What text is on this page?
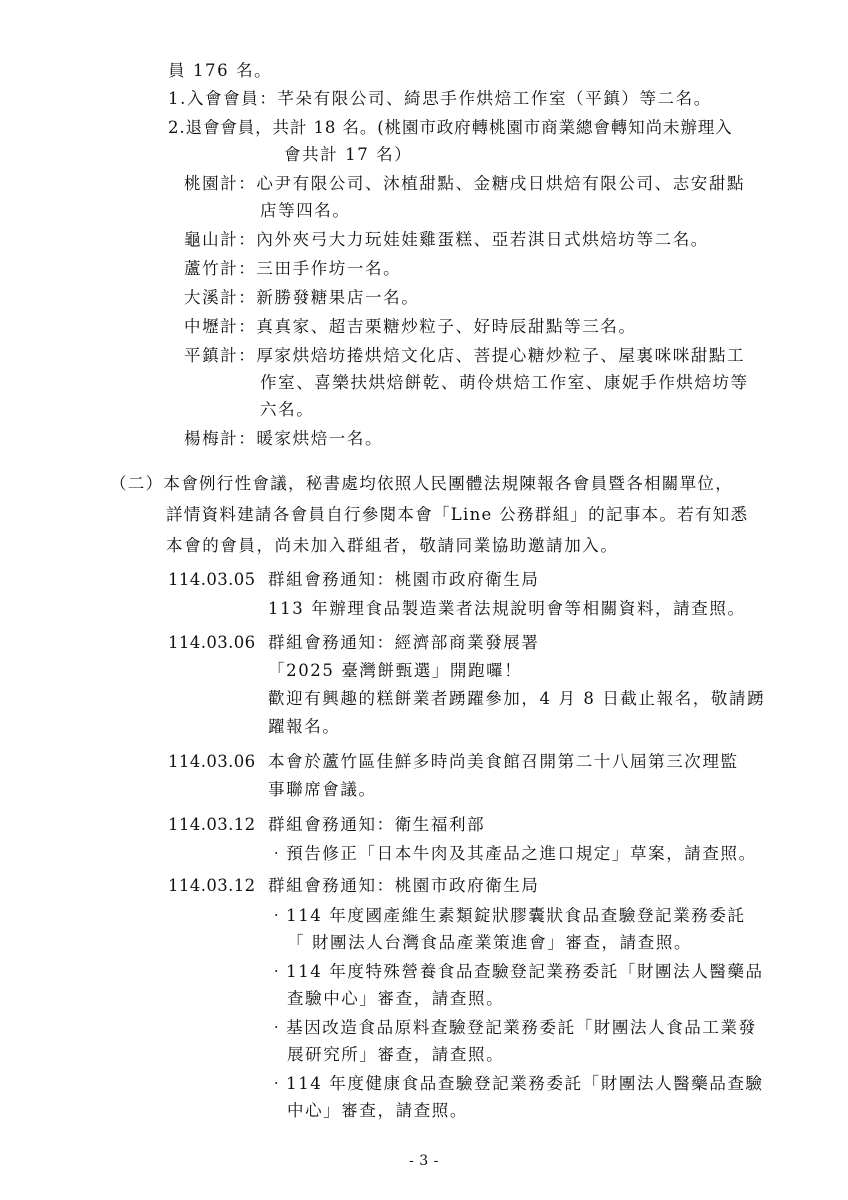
員 176 名。
1.入會會員：芊朵有限公司、綺思手作烘焙工作室（平鎮）等二名。
2.退會會員，共計 18 名。(桃園市政府轉桃園市商業總會轉知尚未辦理入
會共計 17 名）
桃園計：心尹有限公司、沐植甜點、金糖戌日烘焙有限公司、志安甜點
店等四名。
龜山計：內外夾弓大力玩娃娃雞蛋糕、亞若淇日式烘焙坊等二名。
蘆竹計：三田手作坊一名。
大溪計：新勝發糖果店一名。
中壢計：真真家、超吉栗糖炒粒子、好時辰甜點等三名。
平鎮計：厚家烘焙坊捲烘焙文化店、菩提心糖炒粒子、屋裏咪咪甜點工
作室、喜樂扶烘焙餅乾、萌伶烘焙工作室、康妮手作烘焙坊等
六名。
楊梅計：暖家烘焙一名。
（二）本會例行性會議，秘書處均依照人民團體法規陳報各會員暨各相關單位，
詳情資料建請各會員自行參閱本會「Line 公務群組」的記事本。若有知悉
本會的會員，尚未加入群組者，敬請同業協助邀請加入。
114.03.05 群組會務通知：桃園市政府衛生局
113 年辦理食品製造業者法規說明會等相關資料，請查照。
114.03.06 群組會務通知：經濟部商業發展署
「2025 臺灣餅甄選」開跑囉！
歡迎有興趣的糕餅業者踴躍參加，4 月 8 日截止報名，敬請踴
躍報名。
114.03.06 本會於蘆竹區佳鮮多時尚美食館召開第二十八屆第三次理監
事聯席會議。
114.03.12 群組會務通知：衛生福利部
‧預告修正「日本牛肉及其產品之進口規定」草案，請查照。
114.03.12 群組會務通知：桃園市政府衛生局
‧114 年度國產維生素類錠狀膠囊狀食品查驗登記業務委託
「 財團法人台灣食品產業策進會」審查，請查照。
‧114 年度特殊營養食品查驗登記業務委託「財團法人醫藥品
查驗中心」審查，請查照。
‧基因改造食品原料查驗登記業務委託「財團法人食品工業發
展研究所」審查，請查照。
‧114 年度健康食品查驗登記業務委託「財團法人醫藥品查驗
中心」審查，請查照。
- 3 -
